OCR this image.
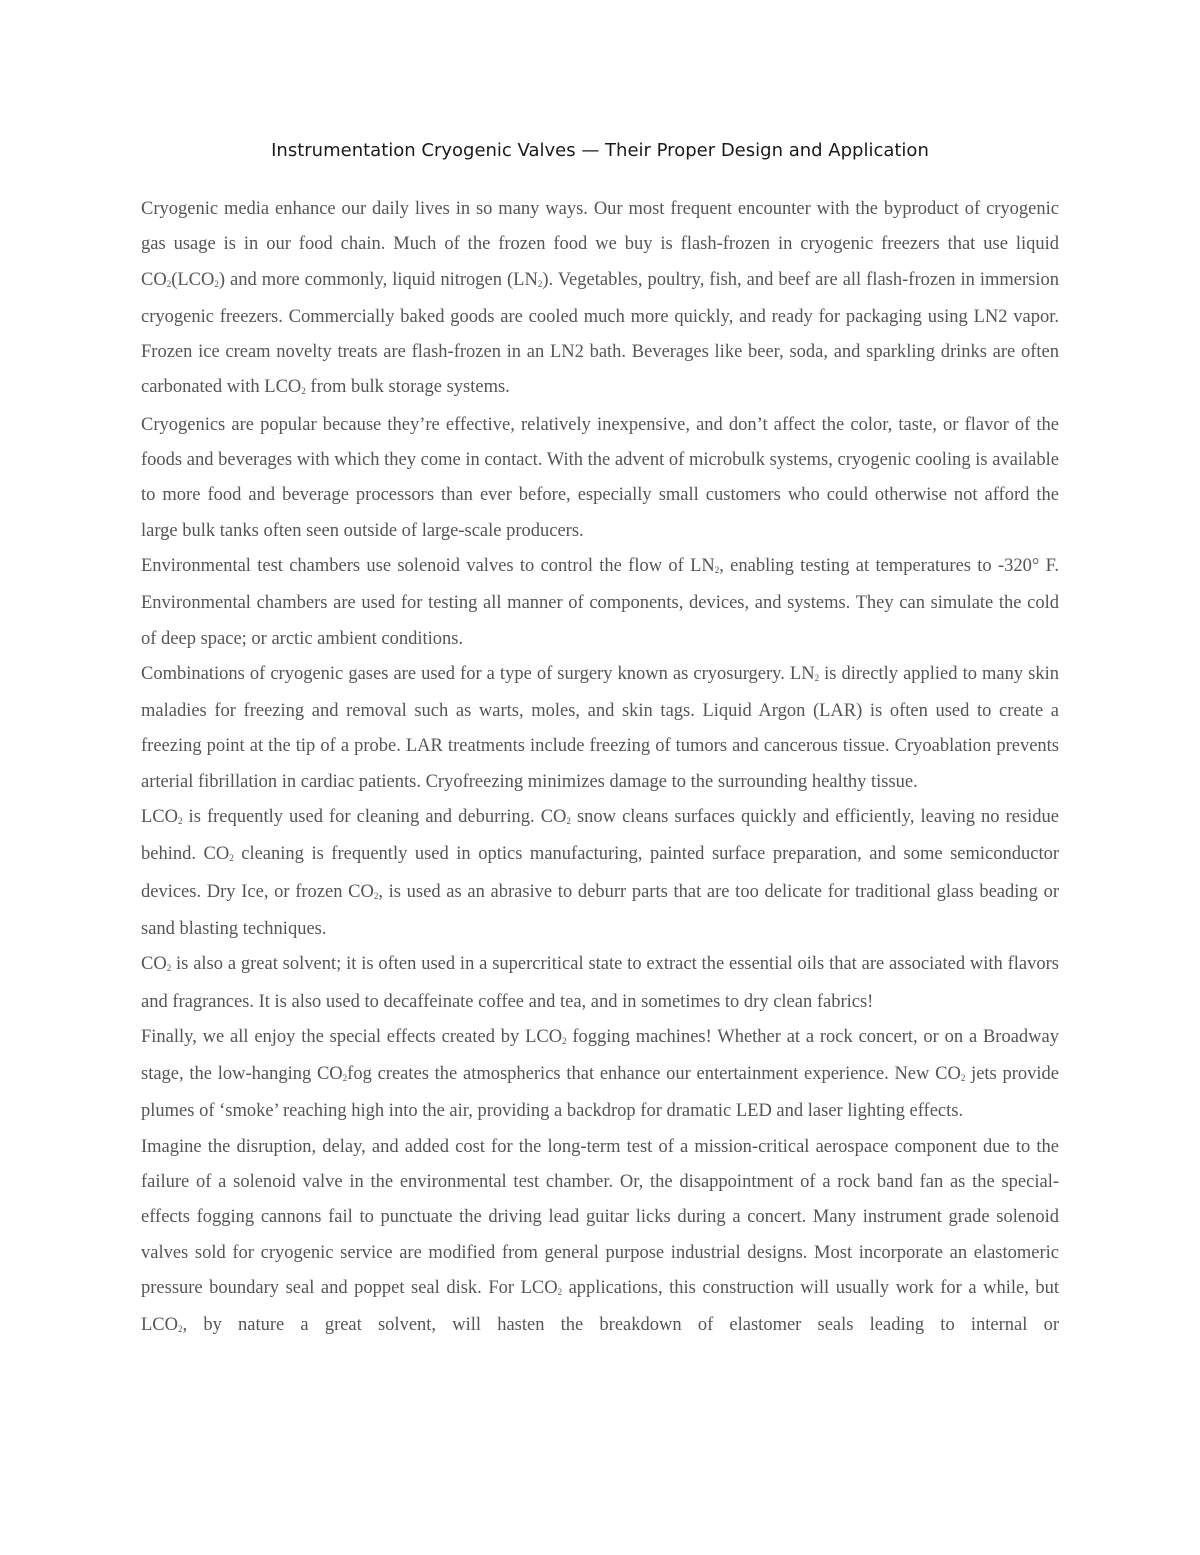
Instrumentation Cryogenic Valves — Their Proper Design and Application

Cryogenic media enhance our daily lives in so many ways. Our most frequent encounter with the byproduct of cryogenic gas usage is in our food chain. Much of the frozen food we buy is flash-frozen in cryogenic freezers that use liquid $CO_2(LCO_2)$ and more commonly, liquid nitrogen $(LN_2)$. Vegetables, poultry, fish, and beef are all flash-frozen in immersion cryogenic freezers. Commercially baked goods are cooled much more quickly, and ready for packaging using LN2 vapor. Frozen ice cream novelty treats are flash-frozen in an LN2 bath. Beverages like beer, soda, and sparkling drinks are often carbonated with $LCO_2$ from bulk storage systems.

Cryogenics are popular because they’re effective, relatively inexpensive, and don’t affect the color, taste, or flavor of the foods and beverages with which they come in contact. With the advent of microbulk systems, cryogenic cooling is available to more food and beverage processors than ever before, especially small customers who could otherwise not afford the large bulk tanks often seen outside of large-scale producers.

Environmental test chambers use solenoid valves to control the flow of $LN_2$, enabling testing at temperatures to -320° F. Environmental chambers are used for testing all manner of components, devices, and systems. They can simulate the cold of deep space; or arctic ambient conditions.

Combinations of cryogenic gases are used for a type of surgery known as cryosurgery. $LN_2$ is directly applied to many skin maladies for freezing and removal such as warts, moles, and skin tags. Liquid Argon (LAR) is often used to create a freezing point at the tip of a probe. LAR treatments include freezing of tumors and cancerous tissue. Cryoablation prevents arterial fibrillation in cardiac patients. Cryofreezing minimizes damage to the surrounding healthy tissue.

$LCO_2$ is frequently used for cleaning and deburring. $CO_2$ snow cleans surfaces quickly and efficiently, leaving no residue behind. $CO_2$ cleaning is frequently used in optics manufacturing, painted surface preparation, and some semiconductor devices. Dry Ice, or frozen $CO_2$, is used as an abrasive to deburr parts that are too delicate for traditional glass beading or sand blasting techniques.

$CO_2$ is also a great solvent; it is often used in a supercritical state to extract the essential oils that are associated with flavors and fragrances. It is also used to decaffeinate coffee and tea, and in sometimes to dry clean fabrics!

Finally, we all enjoy the special effects created by $LCO_2$ fogging machines! Whether at a rock concert, or on a Broadway stage, the low-hanging $CO_2fog$ creates the atmospherics that enhance our entertainment experience. New $CO_2$ jets provide plumes of ‘smoke’ reaching high into the air, providing a backdrop for dramatic LED and laser lighting effects.

Imagine the disruption, delay, and added cost for the long-term test of a mission-critical aerospace component due to the failure of a solenoid valve in the environmental test chamber. Or, the disappointment of a rock band fan as the special-effects fogging cannons fail to punctuate the driving lead guitar licks during a concert. Many instrument grade solenoid valves sold for cryogenic service are modified from general purpose industrial designs. Most incorporate an elastomeric pressure boundary seal and poppet seal disk. For $LCO_2$ applications, this construction will usually work for a while, but $LCO_2$, by nature a great solvent, will hasten the breakdown of elastomer seals leading to internal or
